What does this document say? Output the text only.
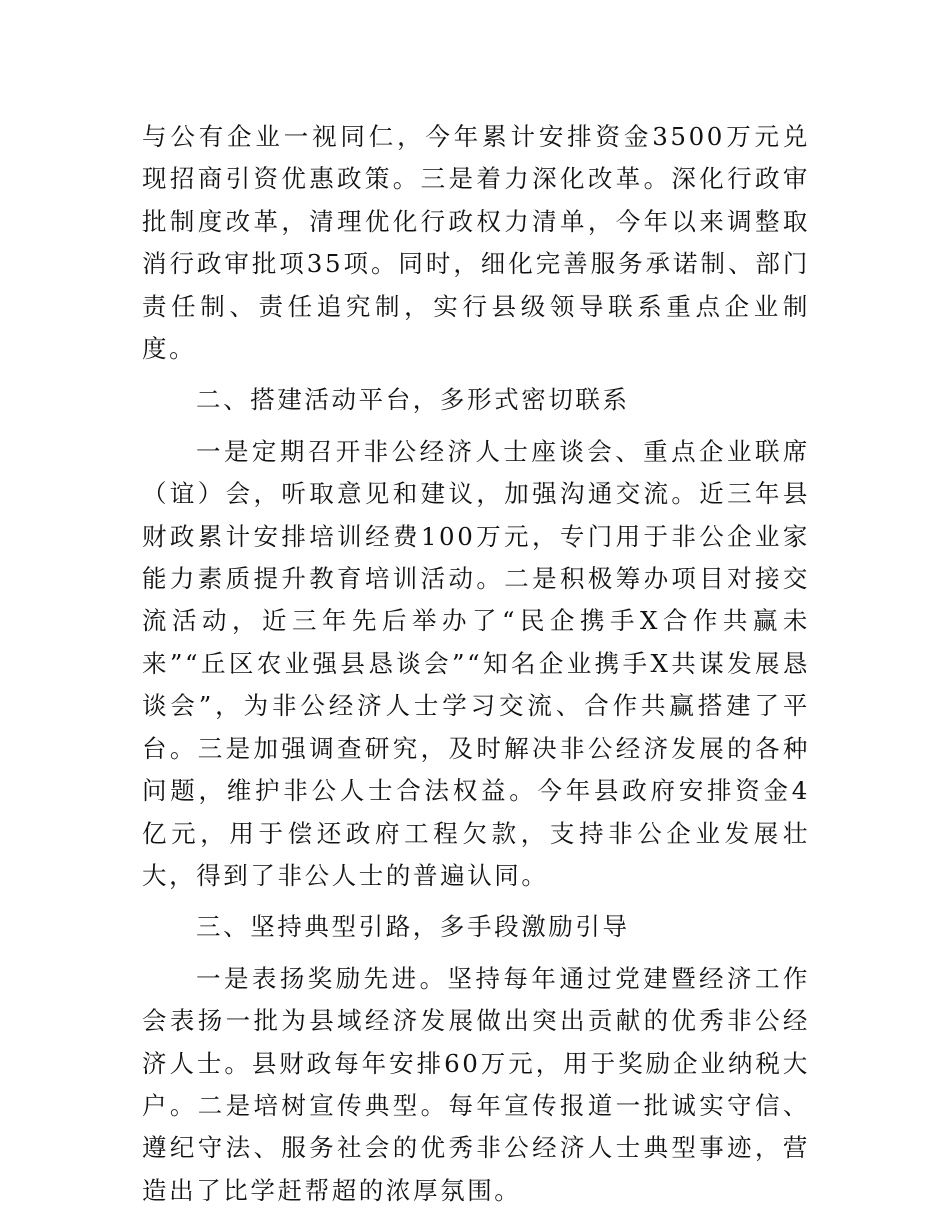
与公有企业一视同仁，今年累计安排资金3500万元兑现招商引资优惠政策。三是着力深化改革。深化行政审批制度改革，清理优化行政权力清单，今年以来调整取消行政审批项35项。同时，细化完善服务承诺制、部门责任制、责任追究制，实行县级领导联系重点企业制度。

二、搭建活动平台，多形式密切联系

一是定期召开非公经济人士座谈会、重点企业联席（谊）会，听取意见和建议，加强沟通交流。近三年县财政累计安排培训经费100万元，专门用于非公企业家能力素质提升教育培训活动。二是积极筹办项目对接交流活动，近三年先后举办了“民企携手X合作共赢未来”“丘区农业强县恳谈会”“知名企业携手X共谋发展恳谈会”，为非公经济人士学习交流、合作共赢搭建了平台。三是加强调查研究，及时解决非公经济发展的各种问题，维护非公人士合法权益。今年县政府安排资金4亿元，用于偿还政府工程欠款，支持非公企业发展壮大，得到了非公人士的普遍认同。

三、坚持典型引路，多手段激励引导

一是表扬奖励先进。坚持每年通过党建暨经济工作会表扬一批为县域经济发展做出突出贡献的优秀非公经济人士。县财政每年安排60万元，用于奖励企业纳税大户。二是培树宣传典型。每年宣传报道一批诚实守信、遵纪守法、服务社会的优秀非公经济人士典型事迹，营造出了比学赶帮超的浓厚氛围。
